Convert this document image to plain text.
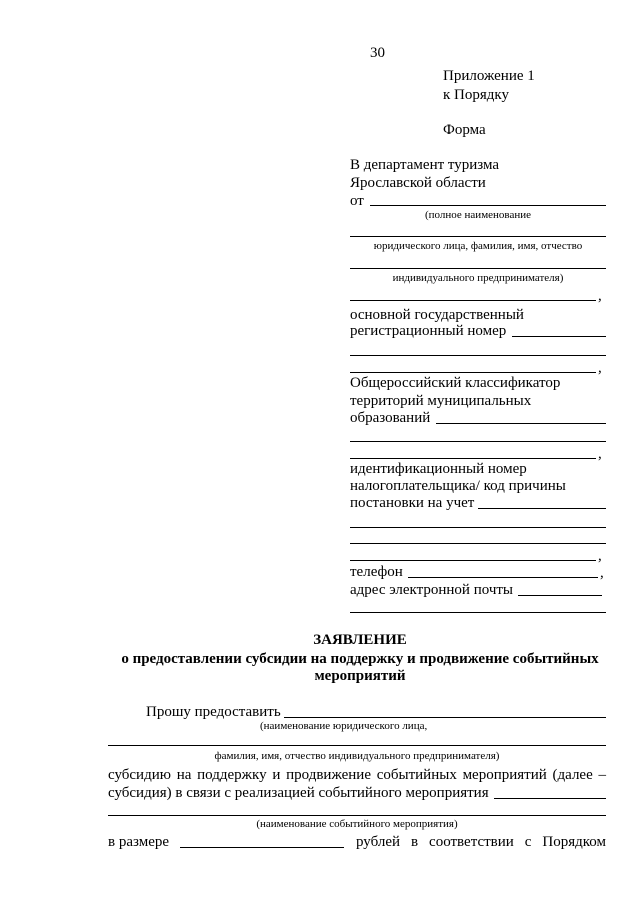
30
Приложение 1
к Порядку
Форма
В департамент туризма
Ярославской области
от
(полное наименование
юридического лица, фамилия, имя, отчество
индивидуального предпринимателя)
,
основной государственный
регистрационный номер
,
Общероссийский классификатор
территорий муниципальных
образований
,
идентификационный номер
налогоплательщика/ код причины
постановки на учет
,
телефон	,
адрес электронной почты
ЗАЯВЛЕНИЕ
о предоставлении субсидии на поддержку и продвижение событийных
мероприятий
Прошу предоставить
(наименование юридического лица,
фамилия, имя, отчество индивидуального предпринимателя)
субсидию на поддержку и продвижение событийных мероприятий (далее –
субсидия) в связи с реализацией событийного мероприятия
(наименование событийного мероприятия)
в размере	рублей в соответствии с Порядком
